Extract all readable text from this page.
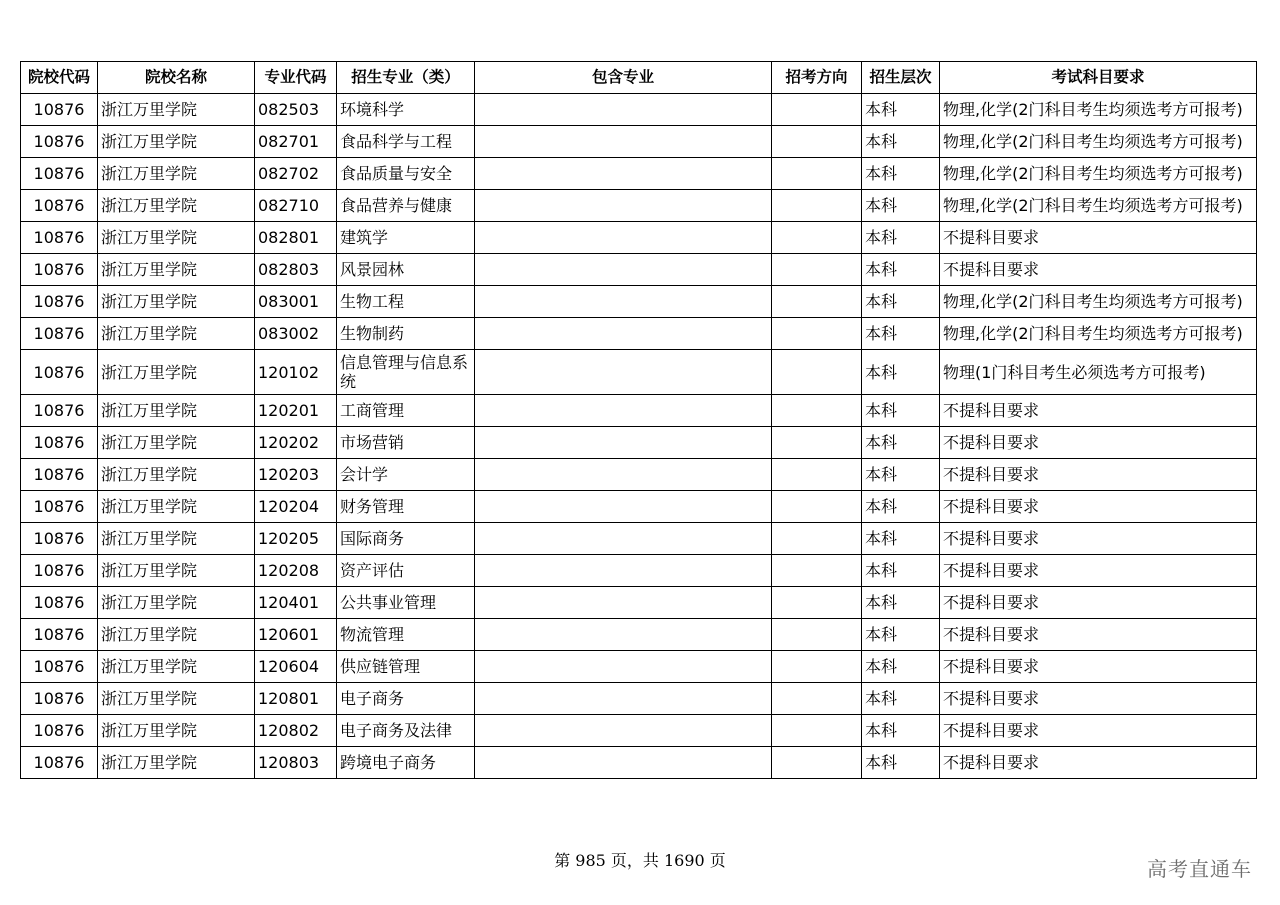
院校代码	院校名称	专业代码	招生专业（类）	包含专业	招考方向	招生层次	考试科目要求
10876	浙江万里学院	082503	环境科学			本科	物理,化学(2门科目考生均须选考方可报考)
10876	浙江万里学院	082701	食品科学与工程			本科	物理,化学(2门科目考生均须选考方可报考)
10876	浙江万里学院	082702	食品质量与安全			本科	物理,化学(2门科目考生均须选考方可报考)
10876	浙江万里学院	082710	食品营养与健康			本科	物理,化学(2门科目考生均须选考方可报考)
10876	浙江万里学院	082801	建筑学			本科	不提科目要求
10876	浙江万里学院	082803	风景园林			本科	不提科目要求
10876	浙江万里学院	083001	生物工程			本科	物理,化学(2门科目考生均须选考方可报考)
10876	浙江万里学院	083002	生物制药			本科	物理,化学(2门科目考生均须选考方可报考)
10876	浙江万里学院	120102	信息管理与信息系统			本科	物理(1门科目考生必须选考方可报考)
10876	浙江万里学院	120201	工商管理			本科	不提科目要求
10876	浙江万里学院	120202	市场营销			本科	不提科目要求
10876	浙江万里学院	120203	会计学			本科	不提科目要求
10876	浙江万里学院	120204	财务管理			本科	不提科目要求
10876	浙江万里学院	120205	国际商务			本科	不提科目要求
10876	浙江万里学院	120208	资产评估			本科	不提科目要求
10876	浙江万里学院	120401	公共事业管理			本科	不提科目要求
10876	浙江万里学院	120601	物流管理			本科	不提科目要求
10876	浙江万里学院	120604	供应链管理			本科	不提科目要求
10876	浙江万里学院	120801	电子商务			本科	不提科目要求
10876	浙江万里学院	120802	电子商务及法律			本科	不提科目要求
10876	浙江万里学院	120803	跨境电子商务			本科	不提科目要求
第 985 页，共 1690 页	高考直通车
